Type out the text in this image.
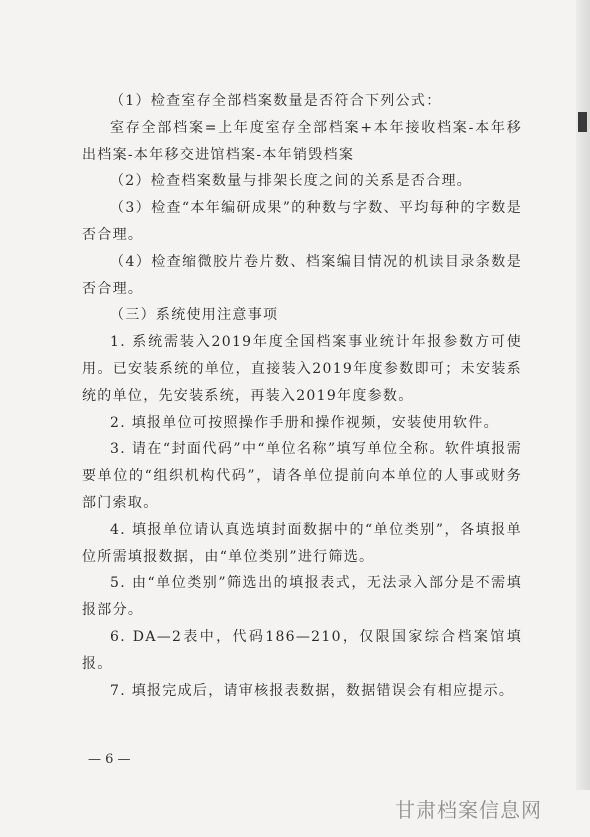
（1）检查室存全部档案数量是否符合下列公式：

室存全部档案=上年度室存全部档案+本年接收档案-本年移出档案-本年移交进馆档案-本年销毁档案

（2）检查档案数量与排架长度之间的关系是否合理。

（3）检查“本年编研成果”的种数与字数、平均每种的字数是否合理。

（4）检查缩微胶片卷片数、档案编目情况的机读目录条数是否合理。

（三）系统使用注意事项

1. 系统需装入2019年度全国档案事业统计年报参数方可使用。已安装系统的单位，直接装入2019年度参数即可；未安装系统的单位，先安装系统，再装入2019年度参数。

2. 填报单位可按照操作手册和操作视频，安装使用软件。

3. 请在“封面代码”中“单位名称”填写单位全称。软件填报需要单位的“组织机构代码”，请各单位提前向本单位的人事或财务部门索取。

4. 填报单位请认真选填封面数据中的“单位类别”，各填报单位所需填报数据，由“单位类别”进行筛选。

5. 由“单位类别”筛选出的填报表式，无法录入部分是不需填报部分。

6. DA—2表中，代码186—210，仅限国家综合档案馆填报。

7. 填报完成后，请审核报表数据，数据错误会有相应提示。

— 6 —
甘肃档案信息网
